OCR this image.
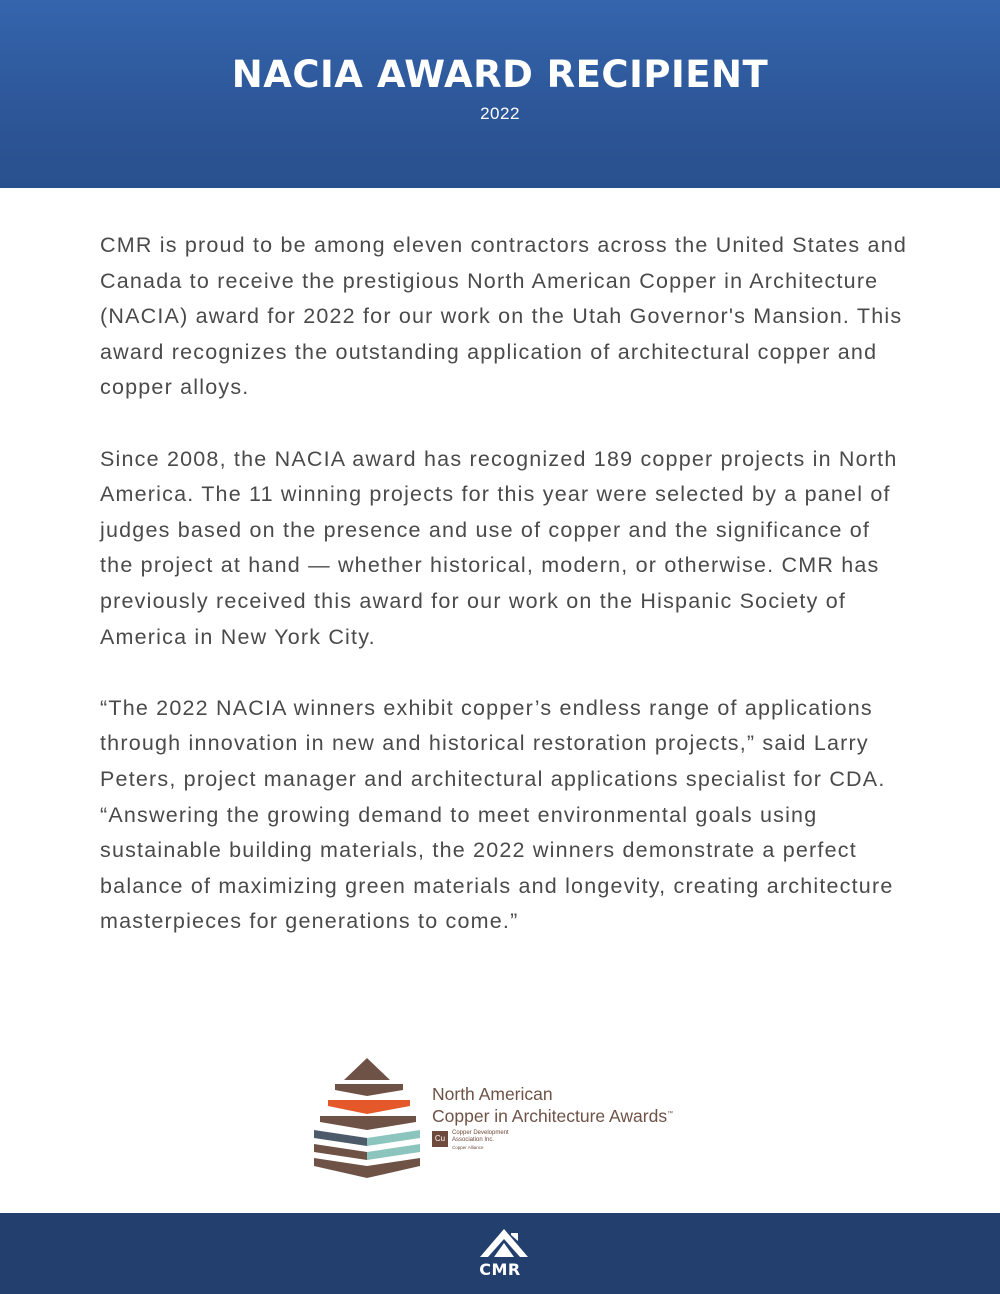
NACIA AWARD RECIPIENT
2022

CMR is proud to be among eleven contractors across the United States and Canada to receive the prestigious North American Copper in Architecture (NACIA) award for 2022 for our work on the Utah Governor's Mansion. This award recognizes the outstanding application of architectural copper and copper alloys.

Since 2008, the NACIA award has recognized 189 copper projects in North America. The 11 winning projects for this year were selected by a panel of judges based on the presence and use of copper and the significance of the project at hand — whether historical, modern, or otherwise. CMR has previously received this award for our work on the Hispanic Society of America in New York City.

“The 2022 NACIA winners exhibit copper’s endless range of applications through innovation in new and historical restoration projects,” said Larry Peters, project manager and architectural applications specialist for CDA. “Answering the growing demand to meet environmental goals using sustainable building materials, the 2022 winners demonstrate a perfect balance of maximizing green materials and longevity, creating architecture masterpieces for generations to come.”

North American
Copper in Architecture Awards™
Cu
Copper Development
Association Inc.
Copper Alliance
CMR
